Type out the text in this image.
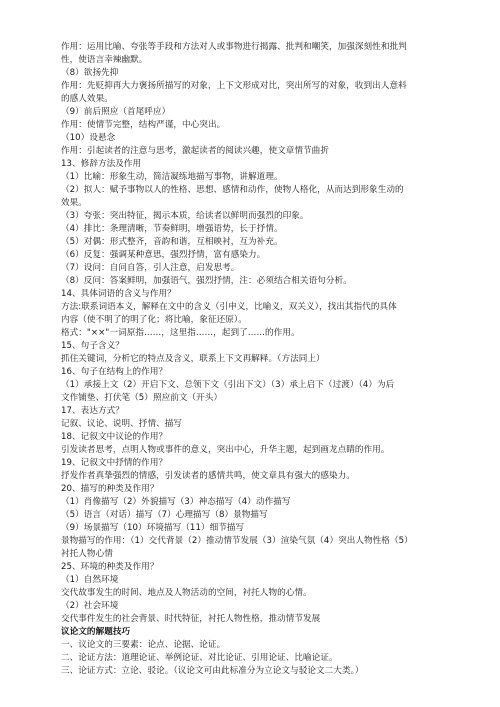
作用：运用比喻、夸张等手段和方法对人或事物进行揭露、批判和嘲笑，加强深刻性和批判
性，使语言幸辣幽默。
（8）欲扬先抑
作用：先贬抑再大力褒扬所描写的对象，上下文形成对比，突出所写的对象，收到出人意料
的感人效果。
（9）前后照应（首尾呼应）
作用：使情节完整，结构严谨，中心突出。
（10）设悬念
作用：引起读者的注意与思考，激起读者的阅读兴趣，使文章情节曲折
13、修辞方法及作用
（1）比喻：形象生动，简洁凝练地描写事物，讲解道理。
（2）拟人：赋予事物以人的性格、思想、感情和动作，使物人格化，从而达到形象生动的
效果。
（3）夸张：突出特征，揭示本质，给读者以鲜明而强烈的印象。
（4）排比：条理清晰，节奏鲜明，增强语势，长于抒情。
（5）对偶：形式整齐，音韵和谐，互相映衬，互为补充。
（6）反复：强调某种意思，强烈抒情，富有感染力。
（7）设问：自问自答，引人注意，启发思考。
（8）反问：答案鲜明，加强语气，强烈抒情，注：必须结合相关语句分析。
14、具体词语的含义与作用？
方法:联系词语本义，解释在文中的含义（引申义，比喻义，双关义），找出其指代的具体
内容（使不明了的明了化；将比喻，象征还原）。
格式："××"一词原指……，这里指……，起到了……的作用。
15、句子含义？
抓住关键词，分析它的特点及含义，联系上下文再解释。（方法同上）
16、句子在结构上的作用？
（1）承接上文（2）开启下文、总领下文（引出下文）（3）承上启下（过渡）（4）为后
文作铺垫、打伏笔（5）照应前文（开头）
17、表达方式？
记叙、议论、说明、抒情、描写
18、记叙文中议论的作用？
引发读者思考，点明人物或事件的意义，突出中心，升华主题，起到画龙点睛的作用。
19、记叙文中抒情的作用？
抒发作者真挚强烈的情感，引发读者的感情共鸣，使文章具有强大的感染力。
20、描写的种类及作用？
（1）肖像描写（2）外貌描写（3）神态描写（4）动作描写
（5）语言（对话）描写（7）心理描写（8）景物描写
（9）场景描写（10）环境描写（11）细节描写
景物描写的作用：（1）交代背景（2）推动情节发展（3）渲染气氛（4）突出人物性格（5）
衬托人物心情
25、环境的种类及作用？
（1）自然环境
交代故事发生的时间、地点及人物活动的空间，衬托人物的心情。
（2）社会环境
交代事件发生的社会背景、时代特征，衬托人物性格，推动情节发展
议论文的解题技巧
一、议论文的三要素：论点、论据、论证。
二、论证方法：道理论证、举例论证、对比论证、引用论证、比喻论证。
三、论证方式：立论、驳论。（议论文可由此标准分为立论文与驳论文二大类。）
